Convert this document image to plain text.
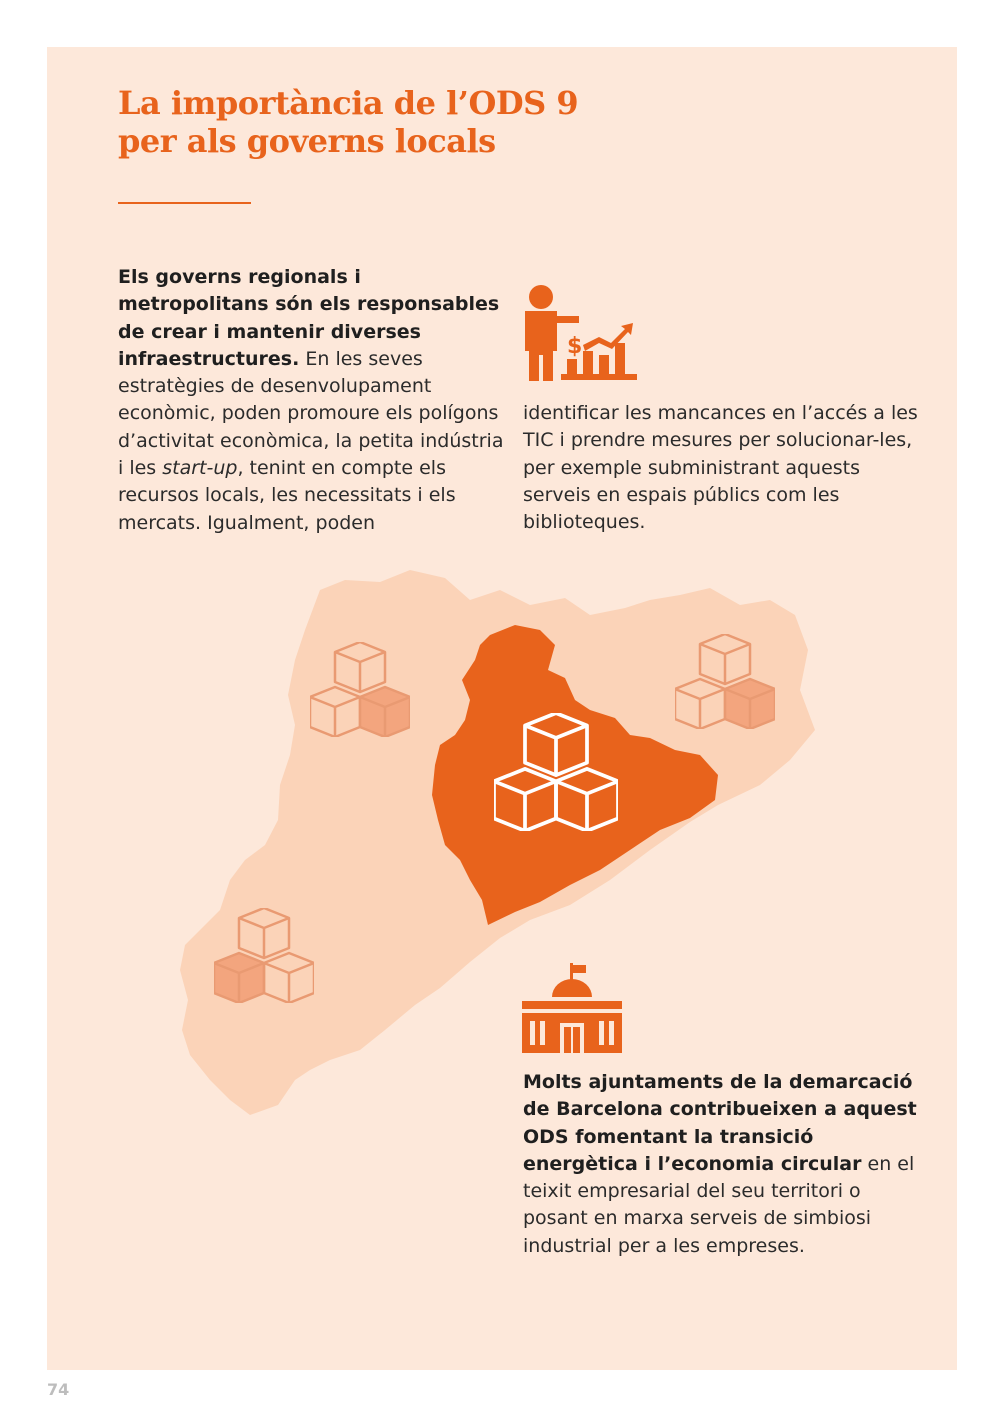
La importància de l’ODS 9
per als governs locals
$

Els governs regionals i metropolitans són els responsables de crear i mantenir diverses infraestructures. En les seves estratègies de desenvolupament econòmic, poden promoure els polígons d’activitat econòmica, la petita indústria i les start-up, tenint en compte els recursos locals, les necessitats i els mercats. Igualment, poden

identificar les mancances en l’accés a les TIC i prendre mesures per solucionar-les, per exemple subministrant aquests serveis en espais públics com les biblioteques.

Molts ajuntaments de la demarcació de Barcelona contribueixen a aquest ODS fomentant la transició energètica i l’economia circular en el teixit empresarial del seu territori o posant en marxa serveis de simbiosi industrial per a les empreses.

74
